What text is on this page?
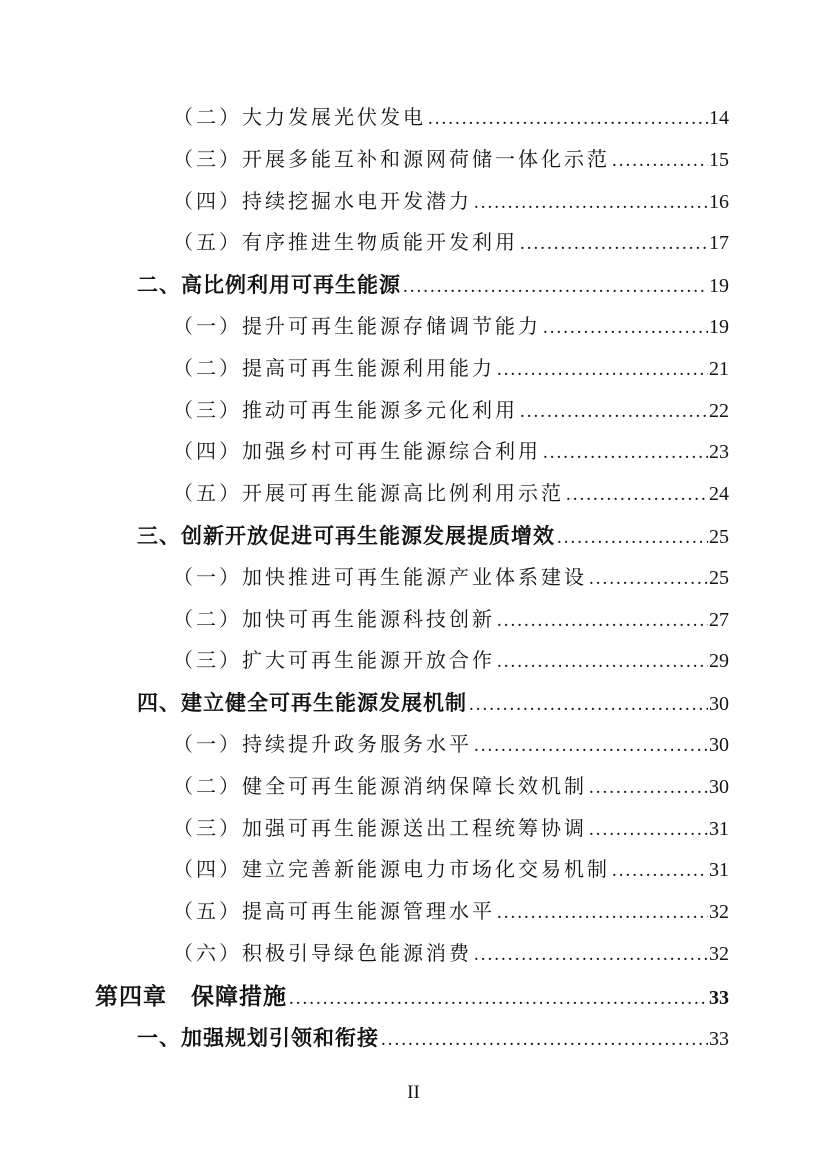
（二）大力发展光伏发电 .....	14
（三）开展多能互补和源网荷储一体化示范 .....	15
（四）持续挖掘水电开发潜力 .....	16
（五）有序推进生物质能开发利用 .....	17
二、高比例利用可再生能源 .....	19
（一）提升可再生能源存储调节能力 .....	19
（二）提高可再生能源利用能力 .....	21
（三）推动可再生能源多元化利用 .....	22
（四）加强乡村可再生能源综合利用 .....	23
（五）开展可再生能源高比例利用示范 .....	24
三、创新开放促进可再生能源发展提质增效 .....	25
（一）加快推进可再生能源产业体系建设 .....	25
（二）加快可再生能源科技创新 .....	27
（三）扩大可再生能源开放合作 .....	29
四、建立健全可再生能源发展机制 .....	30
（一）持续提升政务服务水平 .....	30
（二）健全可再生能源消纳保障长效机制 .....	30
（三）加强可再生能源送出工程统筹协调 .....	31
（四）建立完善新能源电力市场化交易机制 .....	31
（五）提高可再生能源管理水平 .....	32
（六）积极引导绿色能源消费 .....	32
第四章　保障措施 .....	33
一、加强规划引领和衔接 .....	33
II
